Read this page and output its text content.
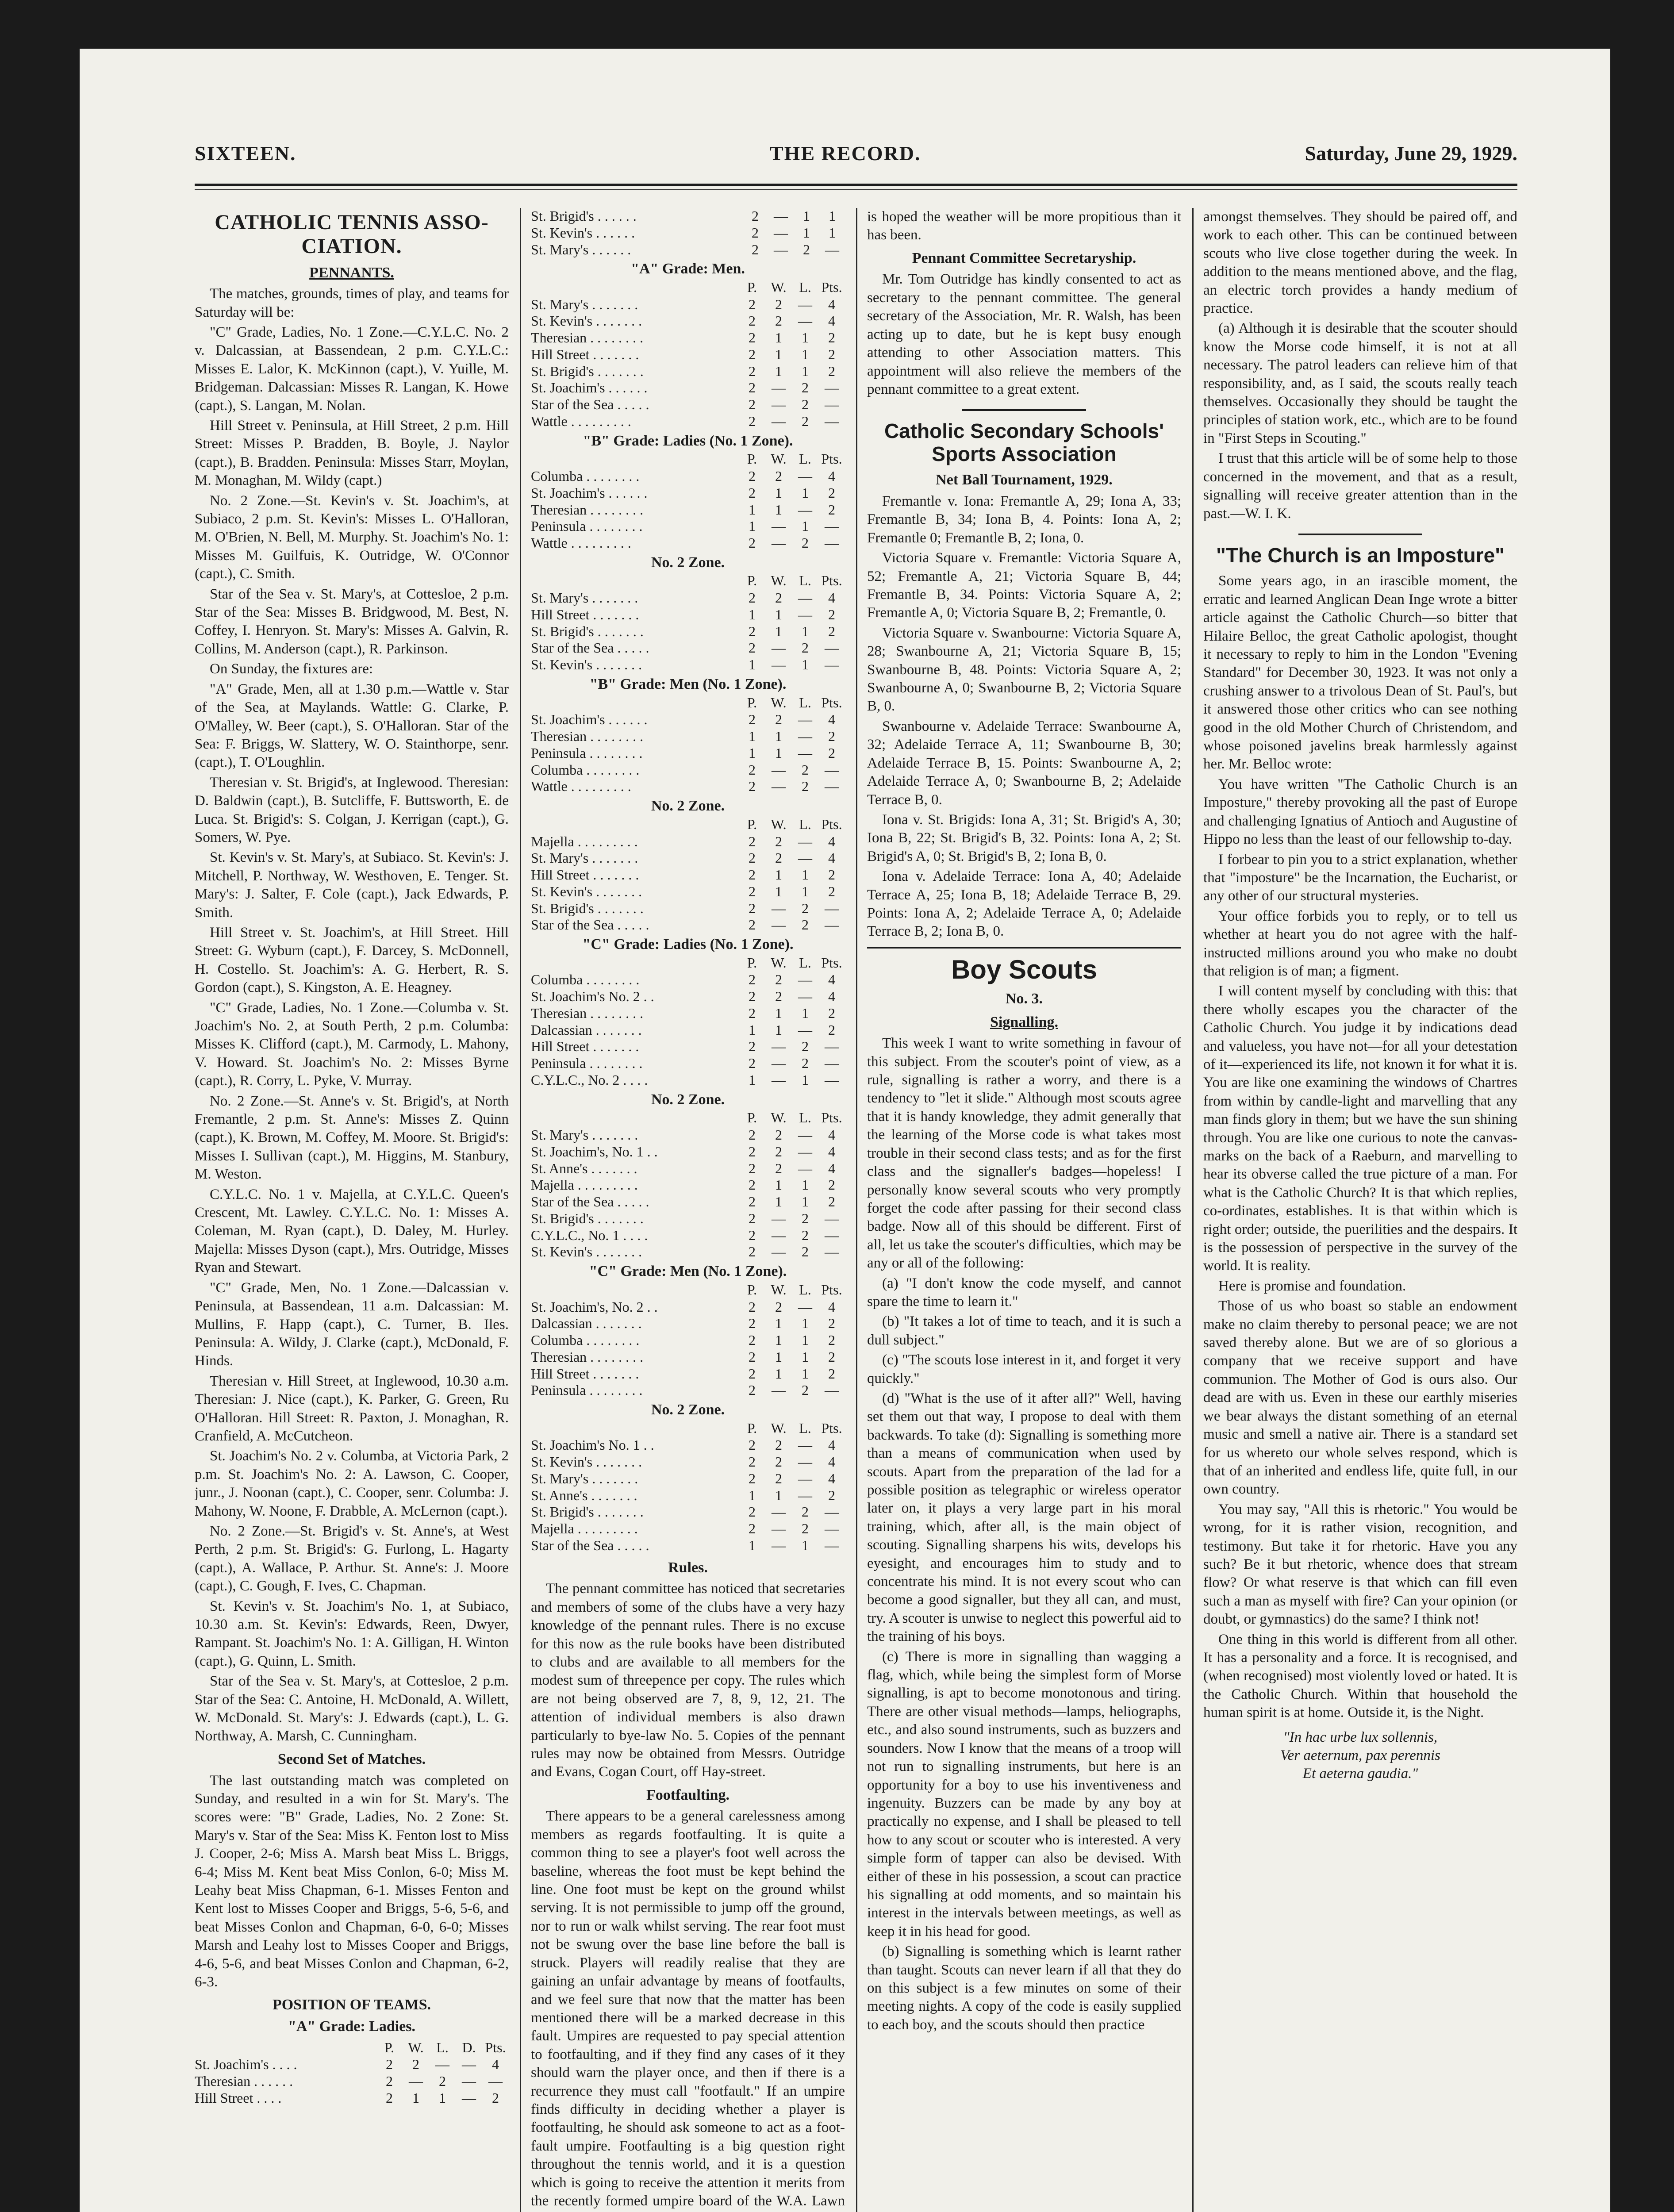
SIXTEEN.	THE RECORD.	Saturday, June 29, 1929.
CATHOLIC TENNIS ASSO-CIATION.
PENNANTS.

The matches, grounds, times of play, and teams for Saturday will be:

"C" Grade, Ladies, No. 1 Zone.—C.Y.L.C. No. 2 v. Dalcassian, at Bassendean, 2 p.m. C.Y.L.C.: Misses E. Lalor, K. McKinnon (capt.), V. Yuille, M. Bridgeman. Dalcassian: Misses R. Langan, K. Howe (capt.), S. Langan, M. Nolan.

Hill Street v. Peninsula, at Hill Street, 2 p.m. Hill Street: Misses P. Bradden, B. Boyle, J. Naylor (capt.), B. Bradden. Peninsula: Misses Starr, Moylan, M. Monaghan, M. Wildy (capt.)

No. 2 Zone.—St. Kevin's v. St. Joachim's, at Subiaco, 2 p.m. St. Kevin's: Misses L. O'Halloran, M. O'Brien, N. Bell, M. Murphy. St. Joachim's No. 1: Misses M. Guilfuis, K. Outridge, W. O'Connor (capt.), C. Smith.

Star of the Sea v. St. Mary's, at Cottesloe, 2 p.m. Star of the Sea: Misses B. Bridgwood, M. Best, N. Coffey, I. Henryon. St. Mary's: Misses A. Galvin, R. Collins, M. Anderson (capt.), R. Parkinson.

On Sunday, the fixtures are:

"A" Grade, Men, all at 1.30 p.m.—Wattle v. Star of the Sea, at Maylands. Wattle: G. Clarke, P. O'Malley, W. Beer (capt.), S. O'Halloran. Star of the Sea: F. Briggs, W. Slattery, W. O. Stainthorpe, senr. (capt.), T. O'Loughlin.

Theresian v. St. Brigid's, at Inglewood. Theresian: D. Baldwin (capt.), B. Sutcliffe, F. Buttsworth, E. de Luca. St. Brigid's: S. Colgan, J. Kerrigan (capt.), G. Somers, W. Pye.

St. Kevin's v. St. Mary's, at Subiaco. St. Kevin's: J. Mitchell, P. Northway, W. Westhoven, E. Tenger. St. Mary's: J. Salter, F. Cole (capt.), Jack Edwards, P. Smith.

Hill Street v. St. Joachim's, at Hill Street. Hill Street: G. Wyburn (capt.), F. Darcey, S. McDonnell, H. Costello. St. Joachim's: A. G. Herbert, R. S. Gordon (capt.), S. Kingston, A. E. Heagney.

"C" Grade, Ladies, No. 1 Zone.—Columba v. St. Joachim's No. 2, at South Perth, 2 p.m. Columba: Misses K. Clifford (capt.), M. Carmody, L. Mahony, V. Howard. St. Joachim's No. 2: Misses Byrne (capt.), R. Corry, L. Pyke, V. Murray.

No. 2 Zone.—St. Anne's v. St. Brigid's, at North Fremantle, 2 p.m. St. Anne's: Misses Z. Quinn (capt.), K. Brown, M. Coffey, M. Moore. St. Brigid's: Misses I. Sullivan (capt.), M. Higgins, M. Stanbury, M. Weston.

C.Y.L.C. No. 1 v. Majella, at C.Y.L.C. Queen's Crescent, Mt. Lawley. C.Y.L.C. No. 1: Misses A. Coleman, M. Ryan (capt.), D. Daley, M. Hurley. Majella: Misses Dyson (capt.), Mrs. Outridge, Misses Ryan and Stewart.

"C" Grade, Men, No. 1 Zone.—Dalcassian v. Peninsula, at Bassendean, 11 a.m. Dalcassian: M. Mullins, F. Happ (capt.), C. Turner, B. Iles. Peninsula: A. Wildy, J. Clarke (capt.), McDonald, F. Hinds.

Theresian v. Hill Street, at Inglewood, 10.30 a.m. Theresian: J. Nice (capt.), K. Parker, G. Green, Ru O'Halloran. Hill Street: R. Paxton, J. Monaghan, R. Cranfield, A. McCutcheon.

St. Joachim's No. 2 v. Columba, at Victoria Park, 2 p.m. St. Joachim's No. 2: A. Lawson, C. Cooper, junr., J. Noonan (capt.), C. Cooper, senr. Columba: J. Mahony, W. Noone, F. Drabble, A. McLernon (capt.).

No. 2 Zone.—St. Brigid's v. St. Anne's, at West Perth, 2 p.m. St. Brigid's: G. Furlong, L. Hagarty (capt.), A. Wallace, P. Arthur. St. Anne's: J. Moore (capt.), C. Gough, F. Ives, C. Chapman.

St. Kevin's v. St. Joachim's No. 1, at Subiaco, 10.30 a.m. St. Kevin's: Edwards, Reen, Dwyer, Rampant. St. Joachim's No. 1: A. Gilligan, H. Winton (capt.), G. Quinn, L. Smith.

Star of the Sea v. St. Mary's, at Cottesloe, 2 p.m. Star of the Sea: C. Antoine, H. McDonald, A. Willett, W. McDonald. St. Mary's: J. Edwards (capt.), L. G. Northway, A. Marsh, C. Cunningham.

Second Set of Matches.

The last outstanding match was completed on Sunday, and resulted in a win for St. Mary's. The scores were: "B" Grade, Ladies, No. 2 Zone: St. Mary's v. Star of the Sea: Miss K. Fenton lost to Miss J. Cooper, 2-6; Miss A. Marsh beat Miss L. Briggs, 6-4; Miss M. Kent beat Miss Conlon, 6-0; Miss M. Leahy beat Miss Chapman, 6-1. Misses Fenton and Kent lost to Misses Cooper and Briggs, 5-6, 5-6, and beat Misses Conlon and Chapman, 6-0, 6-0; Misses Marsh and Leahy lost to Misses Cooper and Briggs, 4-6, 5-6, and beat Misses Conlon and Chapman, 6-2, 6-3.

POSITION OF TEAMS.
"A" Grade: Ladies.
	P.	W.	L.	D.	Pts.
St. Joachim's . . . .	2	2	—	—	4
Theresian . . . . . .	2	—	2	—	—
Hill Street . . . .	2	1	1	—	2
St. Brigid's . . . . . .	2	—	1	1
St. Kevin's . . . . . .	2	—	1	1
St. Mary's . . . . . .	2	—	2	—
"A" Grade: Men.
	P.	W.	L.	Pts.
St. Mary's . . . . . . .	2	2	—	4
St. Kevin's . . . . . . .	2	2	—	4
Theresian . . . . . . . .	2	1	1	2
Hill Street . . . . . . .	2	1	1	2
St. Brigid's . . . . . . .	2	1	1	2
St. Joachim's . . . . . .	2	—	2	—
Star of the Sea . . . . .	2	—	2	—
Wattle . . . . . . . . .	2	—	2	—
"B" Grade: Ladies (No. 1 Zone).
	P.	W.	L.	Pts.
Columba . . . . . . . .	2	2	—	4
St. Joachim's . . . . . .	2	1	1	2
Theresian . . . . . . . .	1	1	—	2
Peninsula . . . . . . . .	1	—	1	—
Wattle . . . . . . . . .	2	—	2	—
No. 2 Zone.
	P.	W.	L.	Pts.
St. Mary's . . . . . . .	2	2	—	4
Hill Street . . . . . . .	1	1	—	2
St. Brigid's . . . . . . .	2	1	1	2
Star of the Sea . . . . .	2	—	2	—
St. Kevin's . . . . . . .	1	—	1	—
"B" Grade: Men (No. 1 Zone).
	P.	W.	L.	Pts.
St. Joachim's . . . . . .	2	2	—	4
Theresian . . . . . . . .	1	1	—	2
Peninsula . . . . . . . .	1	1	—	2
Columba . . . . . . . .	2	—	2	—
Wattle . . . . . . . . .	2	—	2	—
No. 2 Zone.
	P.	W.	L.	Pts.
Majella . . . . . . . . .	2	2	—	4
St. Mary's . . . . . . .	2	2	—	4
Hill Street . . . . . . .	2	1	1	2
St. Kevin's . . . . . . .	2	1	1	2
St. Brigid's . . . . . . .	2	—	2	—
Star of the Sea . . . . .	2	—	2	—
"C" Grade: Ladies (No. 1 Zone).
	P.	W.	L.	Pts.
Columba . . . . . . . .	2	2	—	4
St. Joachim's No. 2 . .	2	2	—	4
Theresian . . . . . . . .	2	1	1	2
Dalcassian . . . . . . .	1	1	—	2
Hill Street . . . . . . .	2	—	2	—
Peninsula . . . . . . . .	2	—	2	—
C.Y.L.C., No. 2 . . . .	1	—	1	—
No. 2 Zone.
	P.	W.	L.	Pts.
St. Mary's . . . . . . .	2	2	—	4
St. Joachim's, No. 1 . .	2	2	—	4
St. Anne's . . . . . . .	2	2	—	4
Majella . . . . . . . . .	2	1	1	2
Star of the Sea . . . . .	2	1	1	2
St. Brigid's . . . . . . .	2	—	2	—
C.Y.L.C., No. 1 . . . .	2	—	2	—
St. Kevin's . . . . . . .	2	—	2	—
"C" Grade: Men (No. 1 Zone).
	P.	W.	L.	Pts.
St. Joachim's, No. 2 . .	2	2	—	4
Dalcassian . . . . . . .	2	1	1	2
Columba . . . . . . . .	2	1	1	2
Theresian . . . . . . . .	2	1	1	2
Hill Street . . . . . . .	2	1	1	2
Peninsula . . . . . . . .	2	—	2	—
No. 2 Zone.
	P.	W.	L.	Pts.
St. Joachim's No. 1 . .	2	2	—	4
St. Kevin's . . . . . . .	2	2	—	4
St. Mary's . . . . . . .	2	2	—	4
St. Anne's . . . . . . .	1	1	—	2
St. Brigid's . . . . . . .	2	—	2	—
Majella . . . . . . . . .	2	—	2	—
Star of the Sea . . . . .	1	—	1	—
Rules.

The pennant committee has noticed that secretaries and members of some of the clubs have a very hazy knowledge of the pennant rules. There is no excuse for this now as the rule books have been distributed to clubs and are available to all members for the modest sum of threepence per copy. The rules which are not being observed are 7, 8, 9, 12, 21. The attention of individual members is also drawn particularly to bye-law No. 5. Copies of the pennant rules may now be obtained from Messrs. Outridge and Evans, Cogan Court, off Hay-street.

Footfaulting.

There appears to be a general carelessness among members as regards footfaulting. It is quite a common thing to see a player's foot well across the baseline, whereas the foot must be kept behind the line. One foot must be kept on the ground whilst serving. It is not permissible to jump off the ground, nor to run or walk whilst serving. The rear foot must not be swung over the base line before the ball is struck. Players will readily realise that they are gaining an unfair advantage by means of footfaults, and we feel sure that now that the matter has been mentioned there will be a marked decrease in this fault. Umpires are requested to pay special attention to footfaulting, and if they find any cases of it they should warn the player once, and then if there is a recurrence they must call "footfault." If an umpire finds difficulty in deciding whether a player is footfaulting, he should ask someone to act as a foot-fault umpire. Footfaulting is a big question right throughout the tennis world, and it is a question which is going to receive the attention it merits from the recently formed umpire board of the W.A. Lawn

is hoped the weather will be more propitious than it has been.

Pennant Committee Secretaryship.

Mr. Tom Outridge has kindly consented to act as secretary to the pennant committee. The general secretary of the Association, Mr. R. Walsh, has been acting up to date, but he is kept busy enough attending to other Association matters. This appointment will also relieve the members of the pennant committee to a great extent.

Catholic Secondary Schools' Sports Association
Net Ball Tournament, 1929.

Fremantle v. Iona: Fremantle A, 29; Iona A, 33; Fremantle B, 34; Iona B, 4. Points: Iona A, 2; Fremantle 0; Fremantle B, 2; Iona, 0.

Victoria Square v. Fremantle: Victoria Square A, 52; Fremantle A, 21; Victoria Square B, 44; Fremantle B, 34. Points: Victoria Square A, 2; Fremantle A, 0; Victoria Square B, 2; Fremantle, 0.

Victoria Square v. Swanbourne: Victoria Square A, 28; Swanbourne A, 21; Victoria Square B, 15; Swanbourne B, 48. Points: Victoria Square A, 2; Swanbourne A, 0; Swanbourne B, 2; Victoria Square B, 0.

Swanbourne v. Adelaide Terrace: Swanbourne A, 32; Adelaide Terrace A, 11; Swanbourne B, 30; Adelaide Terrace B, 15. Points: Swanbourne A, 2; Adelaide Terrace A, 0; Swanbourne B, 2; Adelaide Terrace B, 0.

Iona v. St. Brigids: Iona A, 31; St. Brigid's A, 30; Iona B, 22; St. Brigid's B, 32. Points: Iona A, 2; St. Brigid's A, 0; St. Brigid's B, 2; Iona B, 0.

Iona v. Adelaide Terrace: Iona A, 40; Adelaide Terrace A, 25; Iona B, 18; Adelaide Terrace B, 29. Points: Iona A, 2; Adelaide Terrace A, 0; Adelaide Terrace B, 2; Iona B, 0.

Boy Scouts
No. 3.
Signalling.

This week I want to write something in favour of this subject. From the scouter's point of view, as a rule, signalling is rather a worry, and there is a tendency to "let it slide." Although most scouts agree that it is handy knowledge, they admit generally that the learning of the Morse code is what takes most trouble in their second class tests; and as for the first class and the signaller's badges—hopeless! I personally know several scouts who very promptly forget the code after passing for their second class badge. Now all of this should be different. First of all, let us take the scouter's difficulties, which may be any or all of the following:

(a) "I don't know the code myself, and cannot spare the time to learn it."

(b) "It takes a lot of time to teach, and it is such a dull subject."

(c) "The scouts lose interest in it, and forget it very quickly."

(d) "What is the use of it after all?" Well, having set them out that way, I propose to deal with them backwards. To take (d): Signalling is something more than a means of communication when used by scouts. Apart from the preparation of the lad for a possible position as telegraphic or wireless operator later on, it plays a very large part in his moral training, which, after all, is the main object of scouting. Signalling sharpens his wits, develops his eyesight, and encourages him to study and to concentrate his mind. It is not every scout who can become a good signaller, but they all can, and must, try. A scouter is unwise to neglect this powerful aid to the training of his boys.

(c) There is more in signalling than wagging a flag, which, while being the simplest form of Morse signalling, is apt to become monotonous and tiring. There are other visual methods—lamps, heliographs, etc., and also sound instruments, such as buzzers and sounders. Now I know that the means of a troop will not run to signalling instruments, but here is an opportunity for a boy to use his inventiveness and ingenuity. Buzzers can be made by any boy at practically no expense, and I shall be pleased to tell how to any scout or scouter who is interested. A very simple form of tapper can also be devised. With either of these in his possession, a scout can practice his signalling at odd moments, and so maintain his interest in the intervals between meetings, as well as keep it in his head for good.

(b) Signalling is something which is learnt rather than taught. Scouts can never learn if all that they do on this subject is a few minutes on some of their meeting nights. A copy of the code is easily supplied to each boy, and the scouts should then practice

amongst themselves. They should be paired off, and work to each other. This can be continued between scouts who live close together during the week. In addition to the means mentioned above, and the flag, an electric torch provides a handy medium of practice.

(a) Although it is desirable that the scouter should know the Morse code himself, it is not at all necessary. The patrol leaders can relieve him of that responsibility, and, as I said, the scouts really teach themselves. Occasionally they should be taught the principles of station work, etc., which are to be found in "First Steps in Scouting."

I trust that this article will be of some help to those concerned in the movement, and that as a result, signalling will receive greater attention than in the past.—W. I. K.

"The Church is an Imposture"

Some years ago, in an irascible moment, the erratic and learned Anglican Dean Inge wrote a bitter article against the Catholic Church—so bitter that Hilaire Belloc, the great Catholic apologist, thought it necessary to reply to him in the London "Evening Standard" for December 30, 1923. It was not only a crushing answer to a trivolous Dean of St. Paul's, but it answered those other critics who can see nothing good in the old Mother Church of Christendom, and whose poisoned javelins break harmlessly against her. Mr. Belloc wrote:

You have written "The Catholic Church is an Imposture," thereby provoking all the past of Europe and challenging Ignatius of Antioch and Augustine of Hippo no less than the least of our fellowship to-day.

I forbear to pin you to a strict explanation, whether that "imposture" be the Incarnation, the Eucharist, or any other of our structural mysteries.

Your office forbids you to reply, or to tell us whether at heart you do not agree with the half-instructed millions around you who make no doubt that religion is of man; a figment.

I will content myself by concluding with this: that there wholly escapes you the character of the Catholic Church. You judge it by indications dead and valueless, you have not—for all your detestation of it—experienced its life, not known it for what it is. You are like one examining the windows of Chartres from within by candle-light and marvelling that any man finds glory in them; but we have the sun shining through. You are like one curious to note the canvas-marks on the back of a Raeburn, and marvelling to hear its obverse called the true picture of a man. For what is the Catholic Church? It is that which replies, co-ordinates, establishes. It is that within which is right order; outside, the puerilities and the despairs. It is the possession of perspective in the survey of the world. It is reality.

Here is promise and foundation.

Those of us who boast so stable an endowment make no claim thereby to personal peace; we are not saved thereby alone. But we are of so glorious a company that we receive support and have communion. The Mother of God is ours also. Our dead are with us. Even in these our earthly miseries we bear always the distant something of an eternal music and smell a native air. There is a standard set for us whereto our whole selves respond, which is that of an inherited and endless life, quite full, in our own country.

You may say, "All this is rhetoric." You would be wrong, for it is rather vision, recognition, and testimony. But take it for rhetoric. Have you any such? Be it but rhetoric, whence does that stream flow? Or what reserve is that which can fill even such a man as myself with fire? Can your opinion (or doubt, or gymnastics) do the same? I think not!

One thing in this world is different from all other. It has a personality and a force. It is recognised, and (when recognised) most violently loved or hated. It is the Catholic Church. Within that household the human spirit is at home. Outside it, is the Night.

"In hac urbe lux sollennis,
Ver aeternum, pax perennis
Et aeterna gaudia."
